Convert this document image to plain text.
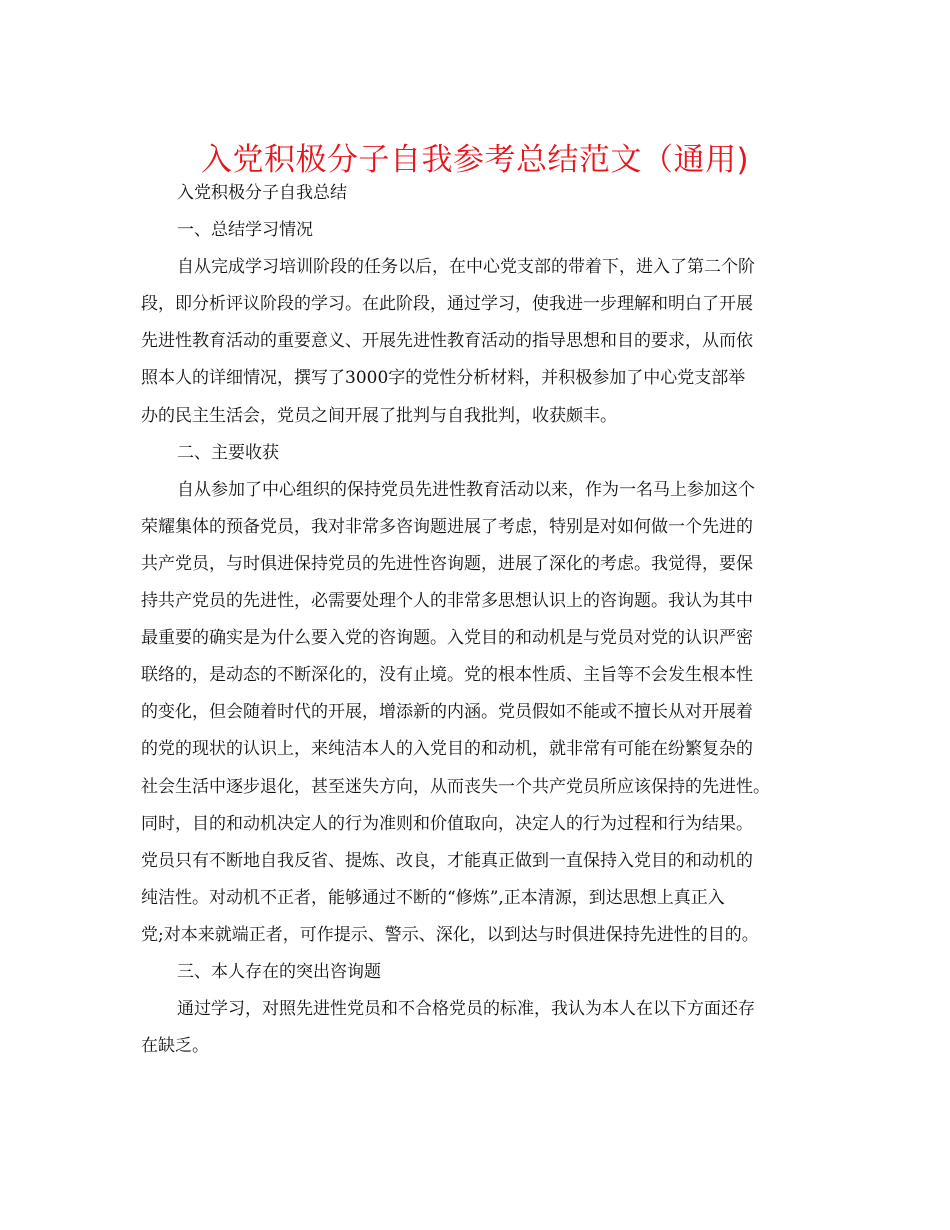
入党积极分子自我参考总结范文（通用)
入党积极分子自我总结
一、总结学习情况
自从完成学习培训阶段的任务以后，在中心党支部的带着下，进入了第二个阶
段，即分析评议阶段的学习。在此阶段，通过学习，使我进一步理解和明白了开展
先进性教育活动的重要意义、开展先进性教育活动的指导思想和目的要求，从而依
照本人的详细情况，撰写了3000字的党性分析材料，并积极参加了中心党支部举
办的民主生活会，党员之间开展了批判与自我批判，收获颇丰。
二、主要收获
自从参加了中心组织的保持党员先进性教育活动以来，作为一名马上参加这个
荣耀集体的预备党员，我对非常多咨询题进展了考虑，特别是对如何做一个先进的
共产党员，与时俱进保持党员的先进性咨询题，进展了深化的考虑。我觉得，要保
持共产党员的先进性，必需要处理个人的非常多思想认识上的咨询题。我认为其中
最重要的确实是为什么要入党的咨询题。入党目的和动机是与党员对党的认识严密
联络的，是动态的不断深化的，没有止境。党的根本性质、主旨等不会发生根本性
的变化，但会随着时代的开展，增添新的内涵。党员假如不能或不擅长从对开展着
的党的现状的认识上，来纯洁本人的入党目的和动机，就非常有可能在纷繁复杂的
社会生活中逐步退化，甚至迷失方向，从而丧失一个共产党员所应该保持的先进性。
同时，目的和动机决定人的行为准则和价值取向，决定人的行为过程和行为结果。
党员只有不断地自我反省、提炼、改良，才能真正做到一直保持入党目的和动机的
纯洁性。对动机不正者，能够通过不断的“修炼”,正本清源，到达思想上真正入
党;对本来就端正者，可作提示、警示、深化，以到达与时俱进保持先进性的目的。
三、本人存在的突出咨询题
通过学习，对照先进性党员和不合格党员的标准，我认为本人在以下方面还存
在缺乏。
